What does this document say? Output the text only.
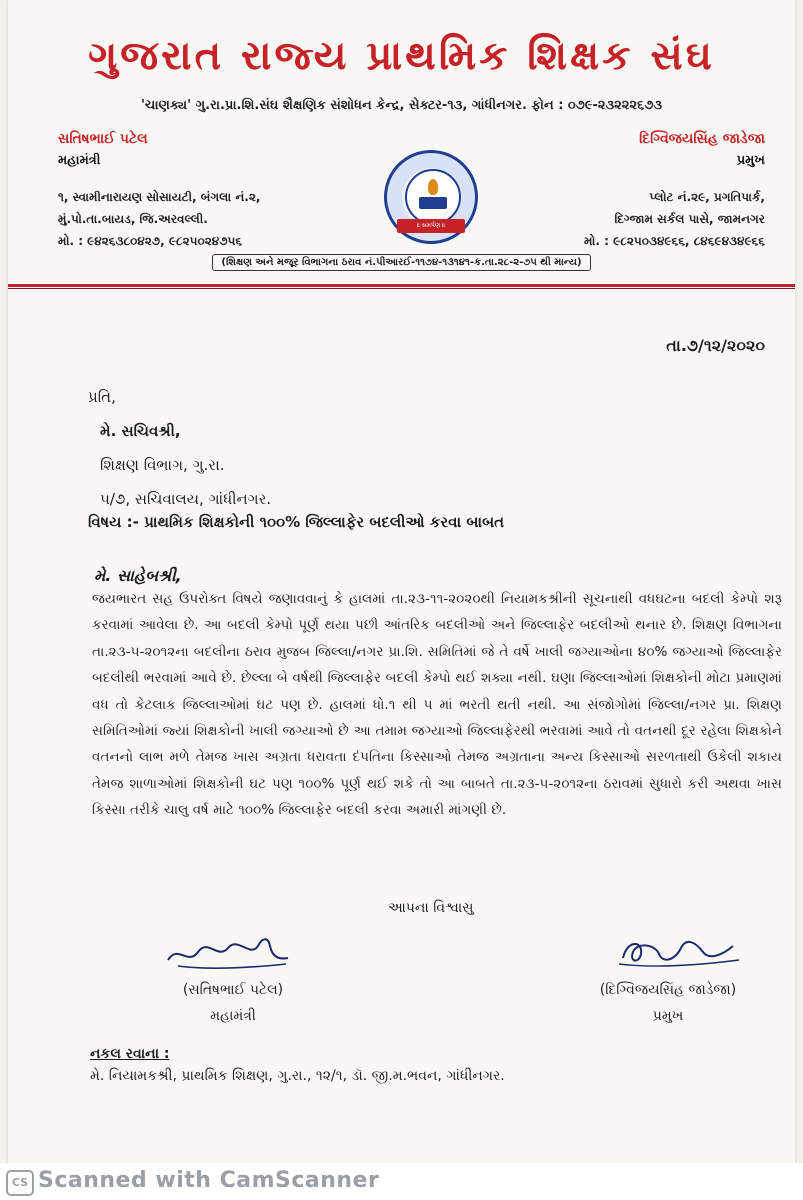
ગુજરાત રાજ્ય પ્રાથમિક શિક્ષક સંઘ
'ચાણક્ય' ગુ.રા.પ્રા.શિ.સંઘ શૈક્ષણિક સંશોધન કેન્દ્ર, સેક્ટર-૧૩, ગાંધીનગર. ફોન : ૦૭૯-૨૩૨૨૨૬૭૩
સતિષભાઈ પટેલ
મહામંત્રી
૧, સ્વામીનારાયણ સોસાયટી, બંગલા નં.૨,
મું.પો.તા.બાયડ, જિ.અરવલ્લી.
મો. : ૯૪૨૬૩૮૦૪૨૭, ૯૮૨૫૦૨૪૭૫૬
॥ સમર્પણ ॥
દિગ્વિજયસિંહ જાડેજા
પ્રમુખ
પ્લોટ નં.૨૯, પ્રગતિપાર્ક,
દિગ્જામ સર્કલ પાસે, જામનગર
મો. : ૯૮૨૫૦૩૪૯૬૬, ૮૪૬૯૪૩૪૯૬૬
(શિક્ષણ અને મજૂર વિભાગના ઠરાવ નં.પીઆરઈ-૧૧૭૪-૧૩૧૪૧-ક.તા.૨૮-૨-૭૫ થી માન્ય)
તા.૭/૧૨/૨૦૨૦
પ્રતિ,
મે. સચિવશ્રી,
શિક્ષણ વિભાગ, ગુ.રા.
૫/૭, સચિવાલય, ગાંધીનગર.
વિષય :- પ્રાથમિક શિક્ષકોની ૧૦૦% જિલ્લાફેર બદલીઓ કરવા બાબત
મે. સાહેબશ્રી,
જયભારત સહ ઉપરોક્ત વિષયે જણાવવાનું કે હાલમાં તા.૨૩-૧૧-૨૦૨૦થી નિયામકશ્રીની સૂચનાથી વધઘટના બદલી કેમ્પો શરૂ કરવામાં આવેલા છે. આ બદલી કેમ્પો પૂર્ણ થયા પછી આંતરિક બદલીઓ અને જિલ્લાફેર બદલીઓ થનાર છે. શિક્ષણ વિભાગના તા.૨૩-૫-૨૦૧૨ના બદલીના ઠરાવ મુજબ જિલ્લા/નગર પ્રા.શિ. સમિતિમાં જે તે વર્ષે ખાલી જગ્યાઓના ૪૦% જગ્યાઓ જિલ્લાફેર બદલીથી ભરવામાં આવે છે. છેલ્લા બે વર્ષથી જિલ્લાફેર બદલી કેમ્પો થઈ શક્યા નથી. ઘણા જિલ્લાઓમાં શિક્ષકોની મોટા પ્રમાણમાં વધ તો કેટલાક જિલ્લાઓમાં ઘટ પણ છે. હાલમાં ધો.૧ થી ૫ માં ભરતી થતી નથી. આ સંજોગોમાં જિલ્લા/નગર પ્રા. શિક્ષણ સમિતિઓમાં જ્યાં શિક્ષકોની ખાલી જગ્યાઓ છે આ તમામ જગ્યાઓ જિલ્લાફેરથી ભરવામાં આવે તો વતનથી દૂર રહેલા શિક્ષકોને વતનનો લાભ મળે તેમજ ખાસ અગ્રતા ધરાવતા દંપતિના કિસ્સાઓ તેમજ અગ્રતાના અન્ય કિસ્સાઓ સરળતાથી ઉકેલી શકાય તેમજ શાળાઓમાં શિક્ષકોની ઘટ પણ ૧૦૦% પૂર્ણ થઈ શકે તો આ બાબતે તા.૨૩-૫-૨૦૧૨ના ઠરાવમાં સુધારો કરી અથવા ખાસ કિસ્સા તરીકે ચાલુ વર્ષ માટે ૧૦૦% જિલ્લાફેર બદલી કરવા અમારી માંગણી છે.
આપના વિશ્વાસુ
(સતિષભાઈ પટેલ)
મહામંત્રી
(દિગ્વિજયસિંહ જાડેજા)
પ્રમુખ
નકલ રવાના :
મે. નિયામકશ્રી, પ્રાથમિક શિક્ષણ, ગુ.રા., ૧૨/૧, ડૉ. જી.મ.ભવન, ગાંધીનગર.
CS Scanned with CamScanner
